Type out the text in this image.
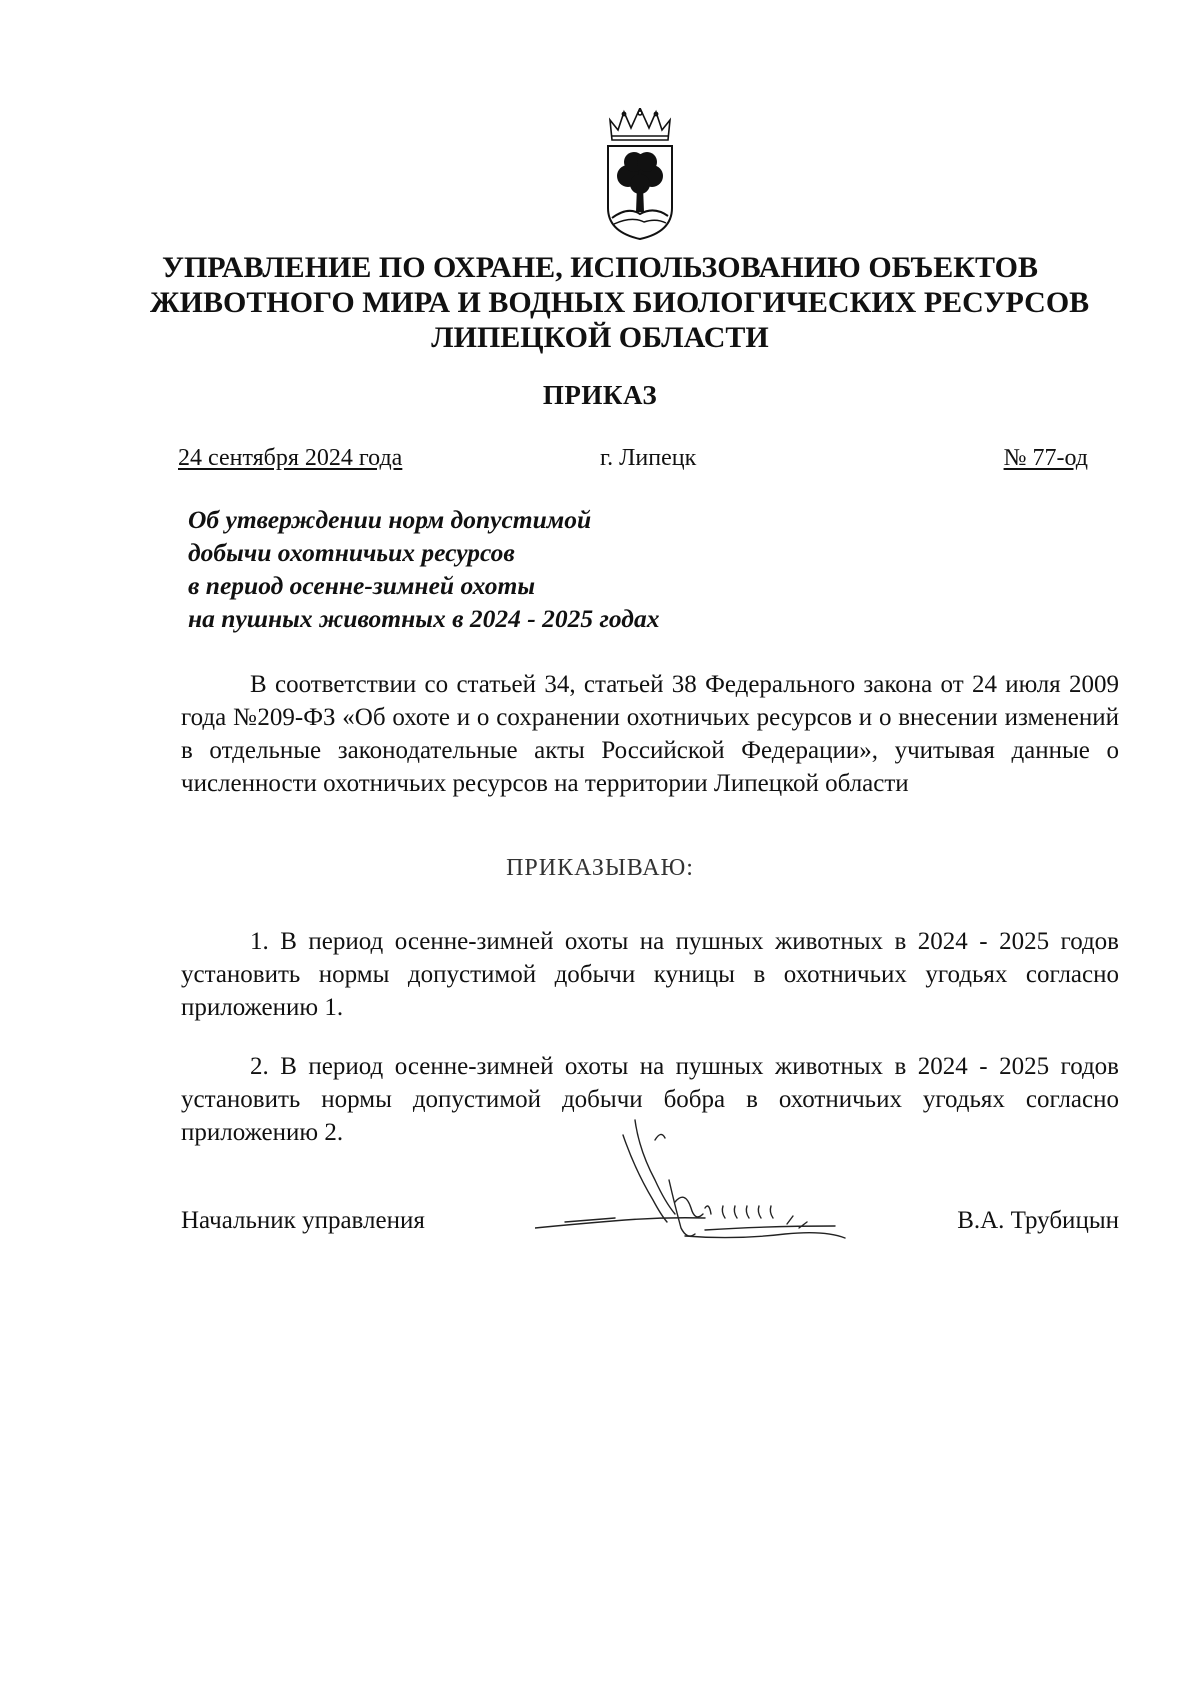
УПРАВЛЕНИЕ ПО ОХРАНЕ, ИСПОЛЬЗОВАНИЮ ОБЪЕКТОВ
ЖИВОТНОГО МИРА И ВОДНЫХ БИОЛОГИЧЕСКИХ РЕСУРСОВ
ЛИПЕЦКОЙ ОБЛАСТИ
ПРИКАЗ
24 сентября 2024 года	г. Липецк	№ 77-од
Об утверждении норм допустимой
добычи охотничьих ресурсов
в период осенне-зимней охоты
на пушных животных в 2024 - 2025 годах

В соответствии со статьей 34, статьей 38 Федерального закона от 24 июля 2009 года №209-ФЗ «Об охоте и о сохранении охотничьих ресурсов и о внесении изменений в отдельные законодательные акты Российской Федерации», учитывая данные о численности охотничьих ресурсов на территории Липецкой области

ПРИКАЗЫВАЮ:

1. В период осенне-зимней охоты на пушных животных в 2024 - 2025 годов установить нормы допустимой добычи куницы в охотничьих угодьях согласно приложению 1.

2. В период осенне-зимней охоты на пушных животных в 2024 - 2025 годов установить нормы допустимой добычи бобра в охотничьих угодьях согласно приложению 2.

Начальник управления	В.А. Трубицын
